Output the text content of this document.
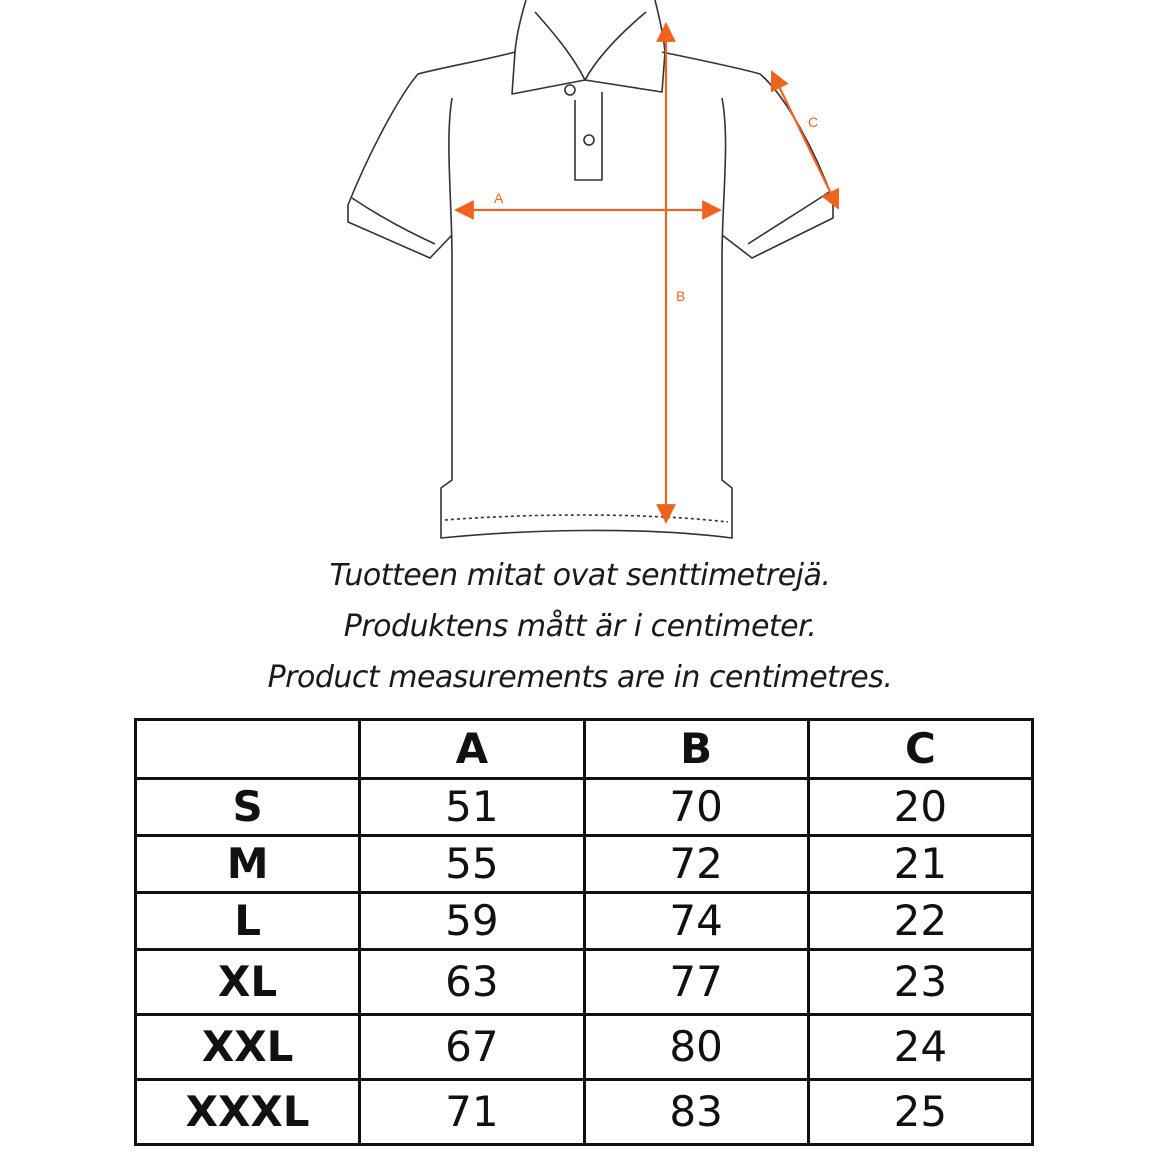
A
B
C
Tuotteen mitat ovat senttimetrejä.
Produktens mått är i centimeter.
Product measurements are in centimetres.
	A	B	C
S	51	70	20
M	55	72	21
L	59	74	22
XL	63	77	23
XXL	67	80	24
XXXL	71	83	25
